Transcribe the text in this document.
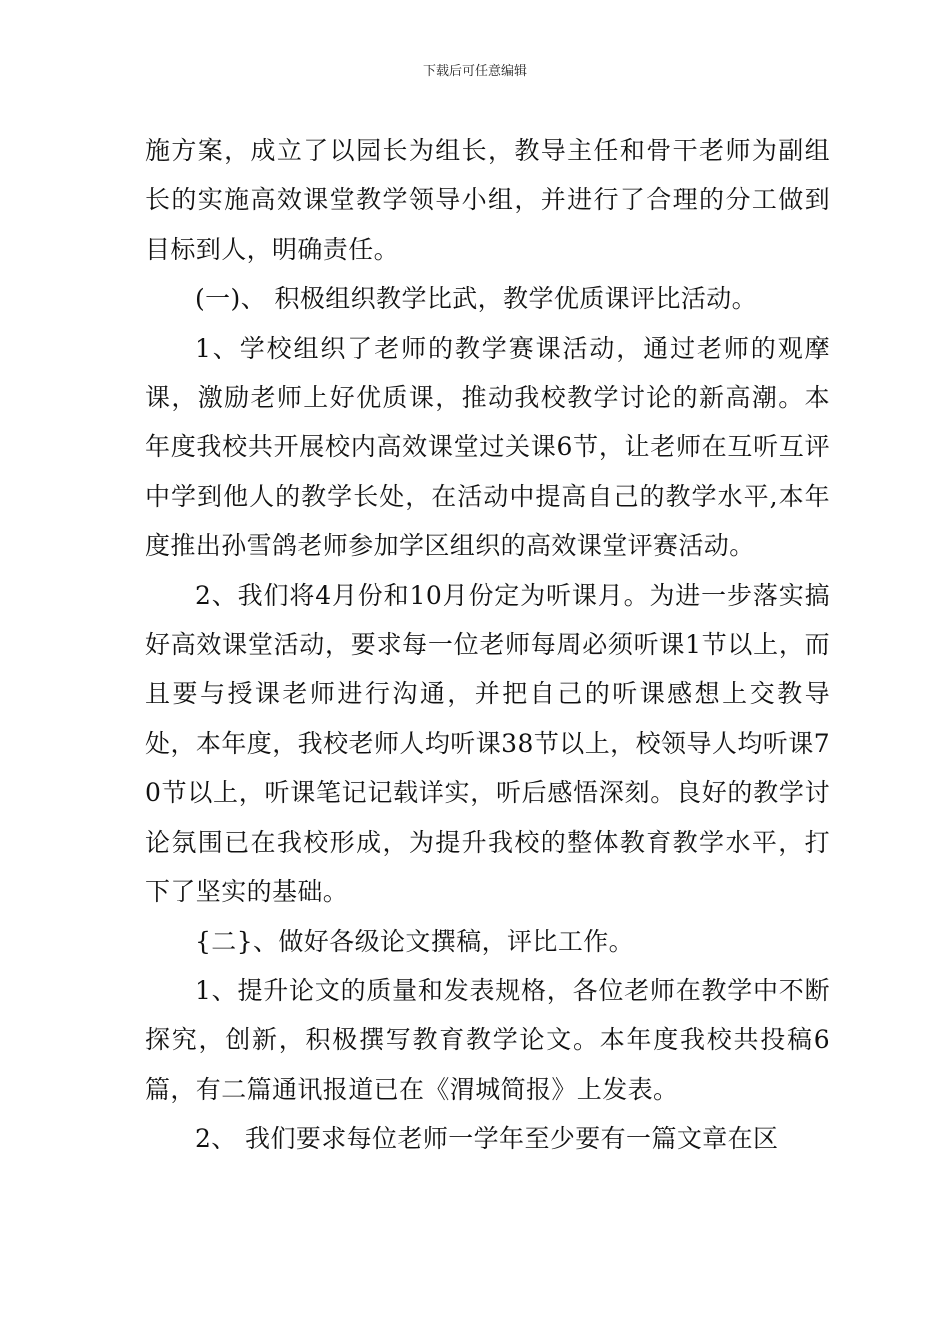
下载后可任意编辑

施方案，成立了以园长为组长，教导主任和骨干老师为副组长的实施高效课堂教学领导小组，并进行了合理的分工做到目标到人，明确责任。

(一)、 积极组织教学比武，教学优质课评比活动。

1、学校组织了老师的教学赛课活动，通过老师的观摩课，激励老师上好优质课，推动我校教学讨论的新高潮。本年度我校共开展校内高效课堂过关课6节，让老师在互听互评中学到他人的教学长处，在活动中提高自己的教学水平,本年度推出孙雪鸽老师参加学区组织的高效课堂评赛活动。

2、我们将4月份和10月份定为听课月。为进一步落实搞好高效课堂活动，要求每一位老师每周必须听课1节以上，而且要与授课老师进行沟通，并把自己的听课感想上交教导处，本年度，我校老师人均听课38节以上，校领导人均听课70节以上，听课笔记记载详实，听后感悟深刻。良好的教学讨论氛围已在我校形成，为提升我校的整体教育教学水平，打下了坚实的基础。

{二}、做好各级论文撰稿，评比工作。

1、提升论文的质量和发表规格，各位老师在教学中不断探究，创新，积极撰写教育教学论文。本年度我校共投稿6篇，有二篇通讯报道已在《渭城简报》上发表。

2、 我们要求每位老师一学年至少要有一篇文章在区
